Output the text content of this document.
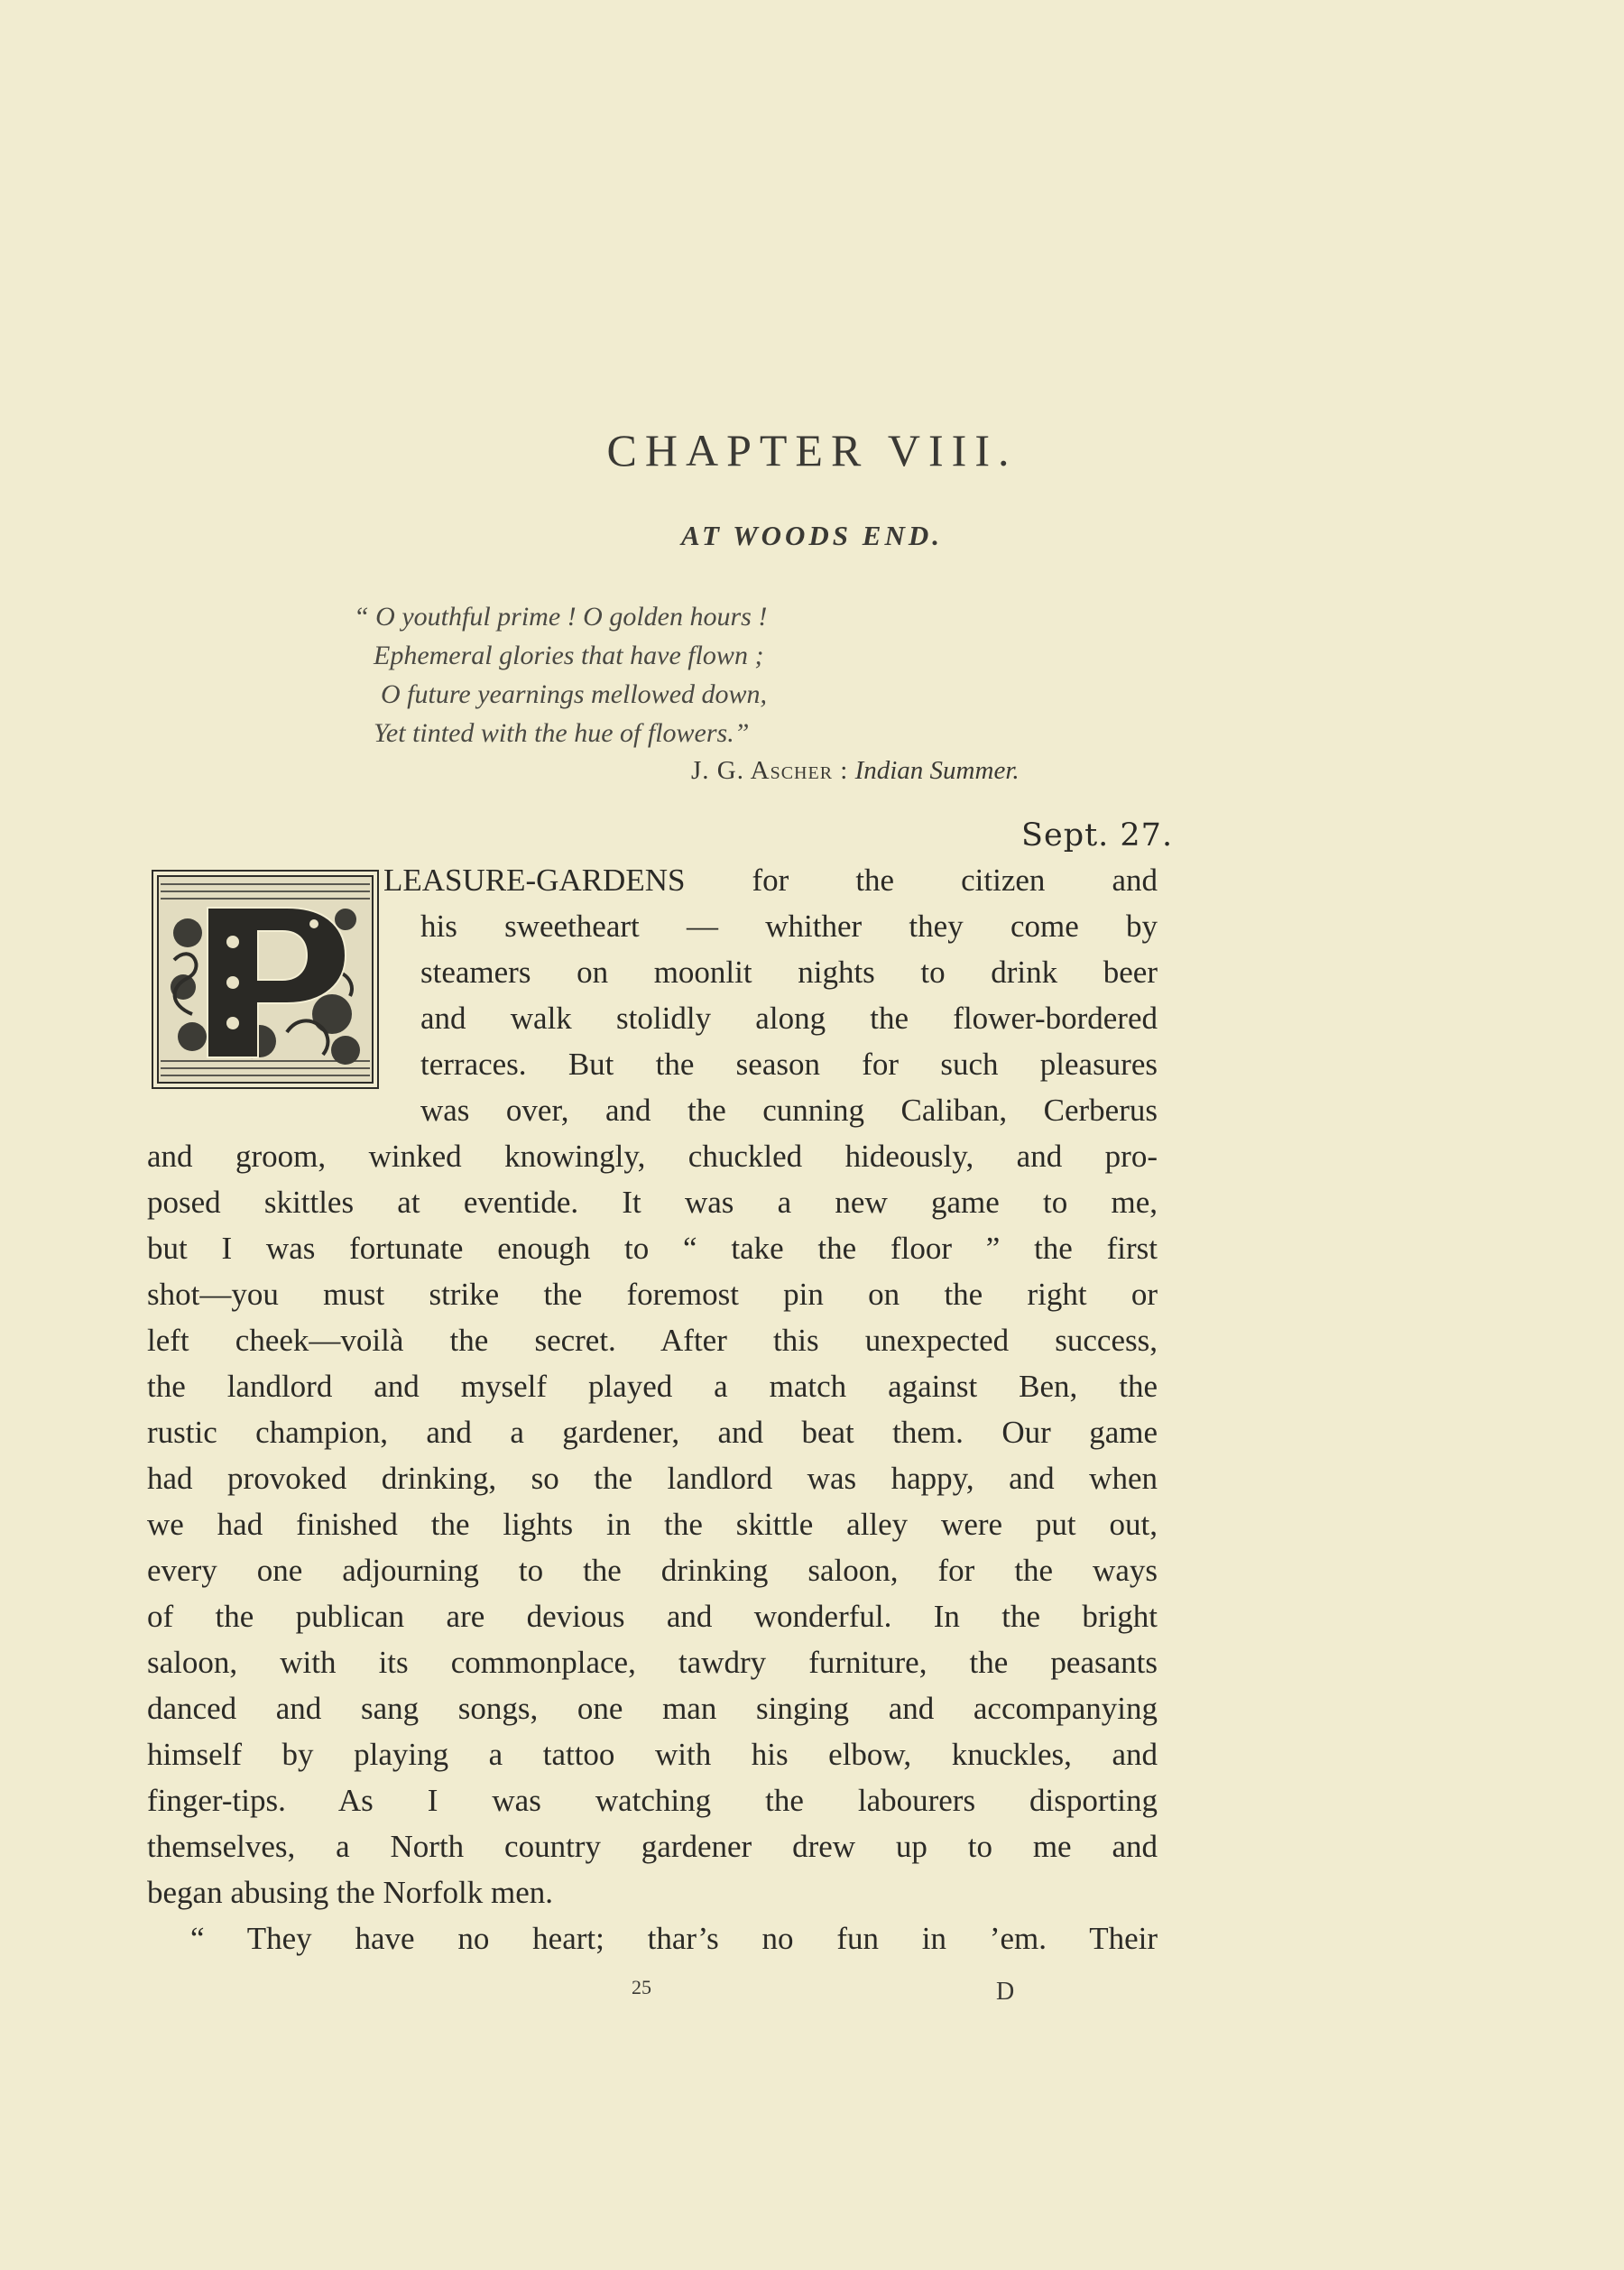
CHAPTER VIII.
AT WOODS END.
“ O youthful prime ! O golden hours !
Ephemeral glories that have flown ;
O future yearnings mellowed down,
Yet tinted with the hue of flowers.”
J. G. Ascher : Indian Summer.
Sept. 27.
LEASURE-GARDENS for the citizen and
his sweetheart — whither they come by
steamers on moonlit nights to drink beer
and walk stolidly along the flower-bordered
terraces. But the season for such pleasures
was over, and the cunning Caliban, Cerberus
and groom, winked knowingly, chuckled hideously, and pro-
posed skittles at eventide. It was a new game to me,
but I was fortunate enough to “ take the floor ” the first
shot—you must strike the foremost pin on the right or
left cheek—voilà the secret. After this unexpected success,
the landlord and myself played a match against Ben, the
rustic champion, and a gardener, and beat them. Our game
had provoked drinking, so the landlord was happy, and when
we had finished the lights in the skittle alley were put out,
every one adjourning to the drinking saloon, for the ways
of the publican are devious and wonderful. In the bright
saloon, with its commonplace, tawdry furniture, the peasants
danced and sang songs, one man singing and accompanying
himself by playing a tattoo with his elbow, knuckles, and
finger-tips. As I was watching the labourers disporting
themselves, a North country gardener drew up to me and
began abusing the Norfolk men.
“ They have no heart; thar’s no fun in ’em. Their
25	D
